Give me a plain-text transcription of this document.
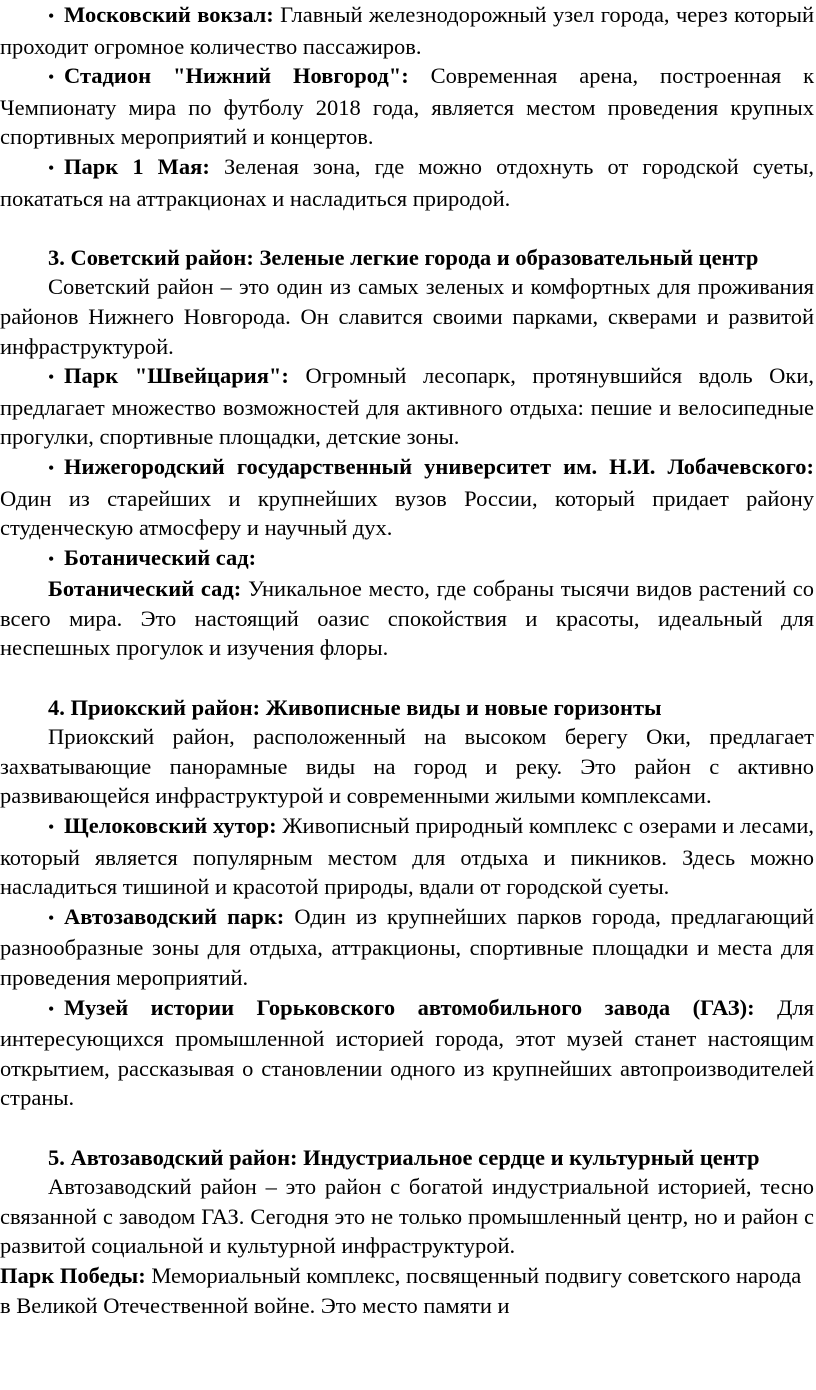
• Московский вокзал: Главный железнодорожный узел города, через который проходит огромное количество пассажиров.

• Стадион "Нижний Новгород": Современная арена, построенная к Чемпионату мира по футболу 2018 года, является местом проведения крупных спортивных мероприятий и концертов.

• Парк 1 Мая: Зеленая зона, где можно отдохнуть от городской суеты, покататься на аттракционах и насладиться природой.

3. Советский район: Зеленые легкие города и образовательный центр

Советский район – это один из самых зеленых и комфортных для проживания районов Нижнего Новгорода. Он славится своими парками, скверами и развитой инфраструктурой.

• Парк "Швейцария": Огромный лесопарк, протянувшийся вдоль Оки, предлагает множество возможностей для активного отдыха: пешие и велосипедные прогулки, спортивные площадки, детские зоны.

• Нижегородский государственный университет им. Н.И. Лобачевского: Один из старейших и крупнейших вузов России, который придает району студенческую атмосферу и научный дух.

• Ботанический сад:

Ботанический сад: Уникальное место, где собраны тысячи видов растений со всего мира. Это настоящий оазис спокойствия и красоты, идеальный для неспешных прогулок и изучения флоры.

4. Приокский район: Живописные виды и новые горизонты

Приокский район, расположенный на высоком берегу Оки, предлагает захватывающие панорамные виды на город и реку. Это район с активно развивающейся инфраструктурой и современными жилыми комплексами.

• Щелоковский хутор: Живописный природный комплекс с озерами и лесами, который является популярным местом для отдыха и пикников. Здесь можно насладиться тишиной и красотой природы, вдали от городской суеты.

• Автозаводский парк: Один из крупнейших парков города, предлагающий разнообразные зоны для отдыха, аттракционы, спортивные площадки и места для проведения мероприятий.

• Музей истории Горьковского автомобильного завода (ГАЗ): Для интересующихся промышленной историей города, этот музей станет настоящим открытием, рассказывая о становлении одного из крупнейших автопроизводителей страны.

5. Автозаводский район: Индустриальное сердце и культурный центр

Автозаводский район – это район с богатой индустриальной историей, тесно связанной с заводом ГАЗ. Сегодня это не только промышленный центр, но и район с развитой социальной и культурной инфраструктурой.

Парк Победы: Мемориальный комплекс, посвященный подвигу советского народа в Великой Отечественной войне. Это место памяти и
